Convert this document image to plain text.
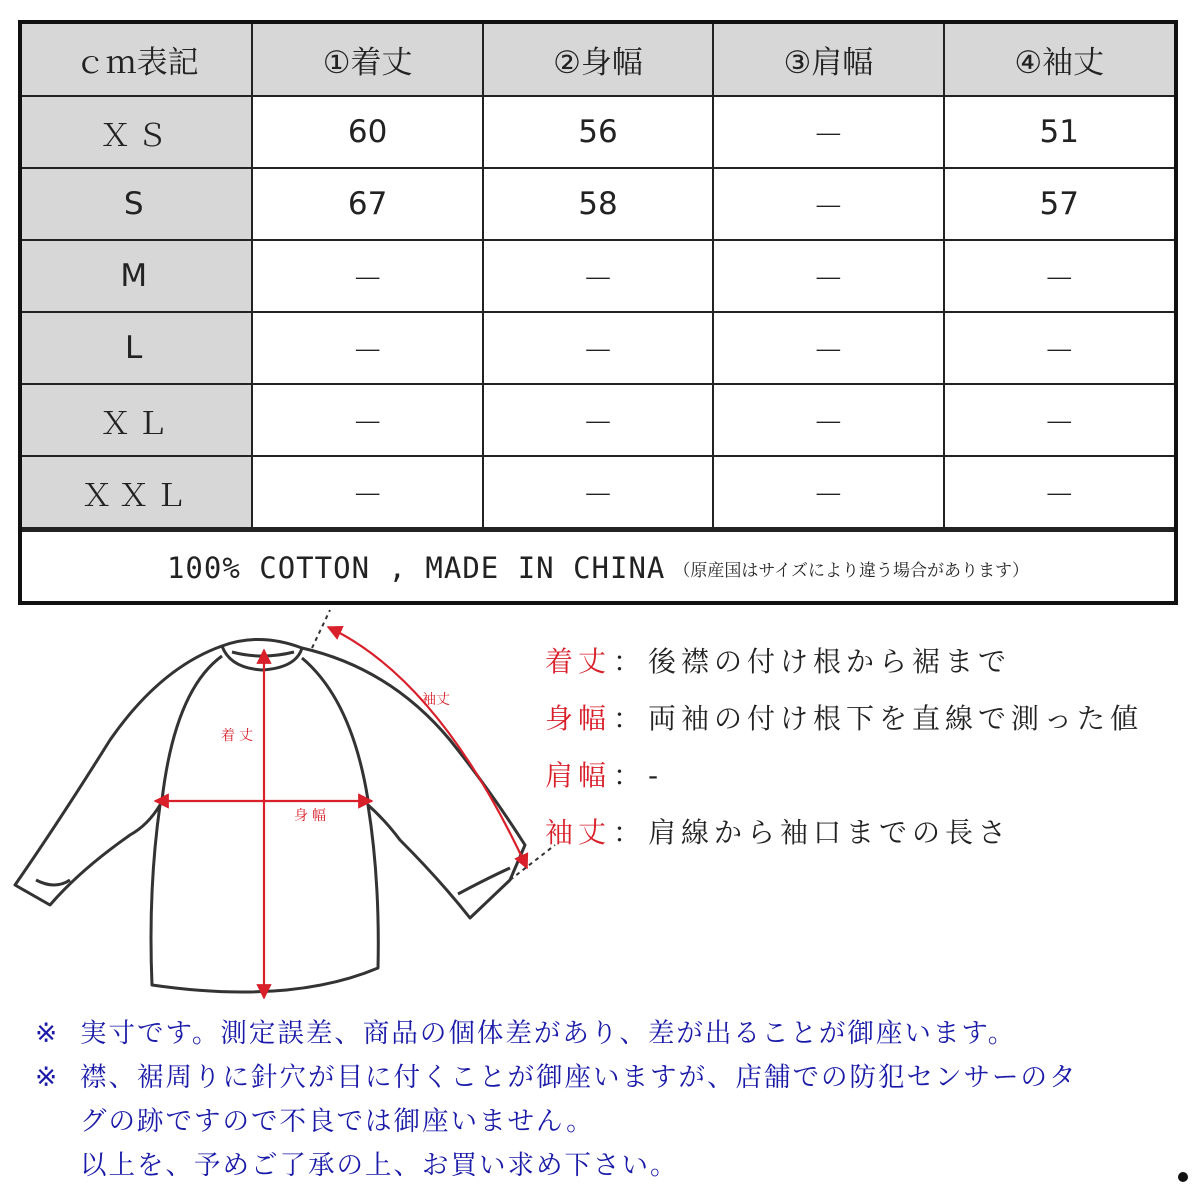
ｃｍ表記	①着丈	②身幅	③肩幅	④袖丈
ＸＳ	60	56	－	51
S	67	58	－	57
M	－	－	－	－
L	－	－	－	－
ＸＬ	－	－	－	－
ＸＸＬ	－	－	－	－
100% COTTON , MADE IN CHINA （原産国はサイズにより違う場合があります）
着丈
身幅
袖丈
着丈：後襟の付け根から裾まで
身幅：両袖の付け根下を直線で測った値
肩幅：-
袖丈：肩線から袖口までの長さ
※ 実寸です。測定誤差、商品の個体差があり、差が出ることが御座います。
※ 襟、裾周りに針穴が目に付くことが御座いますが、店舗での防犯センサーのタ
グの跡ですので不良では御座いません。
以上を、予めご了承の上、お買い求め下さい。
